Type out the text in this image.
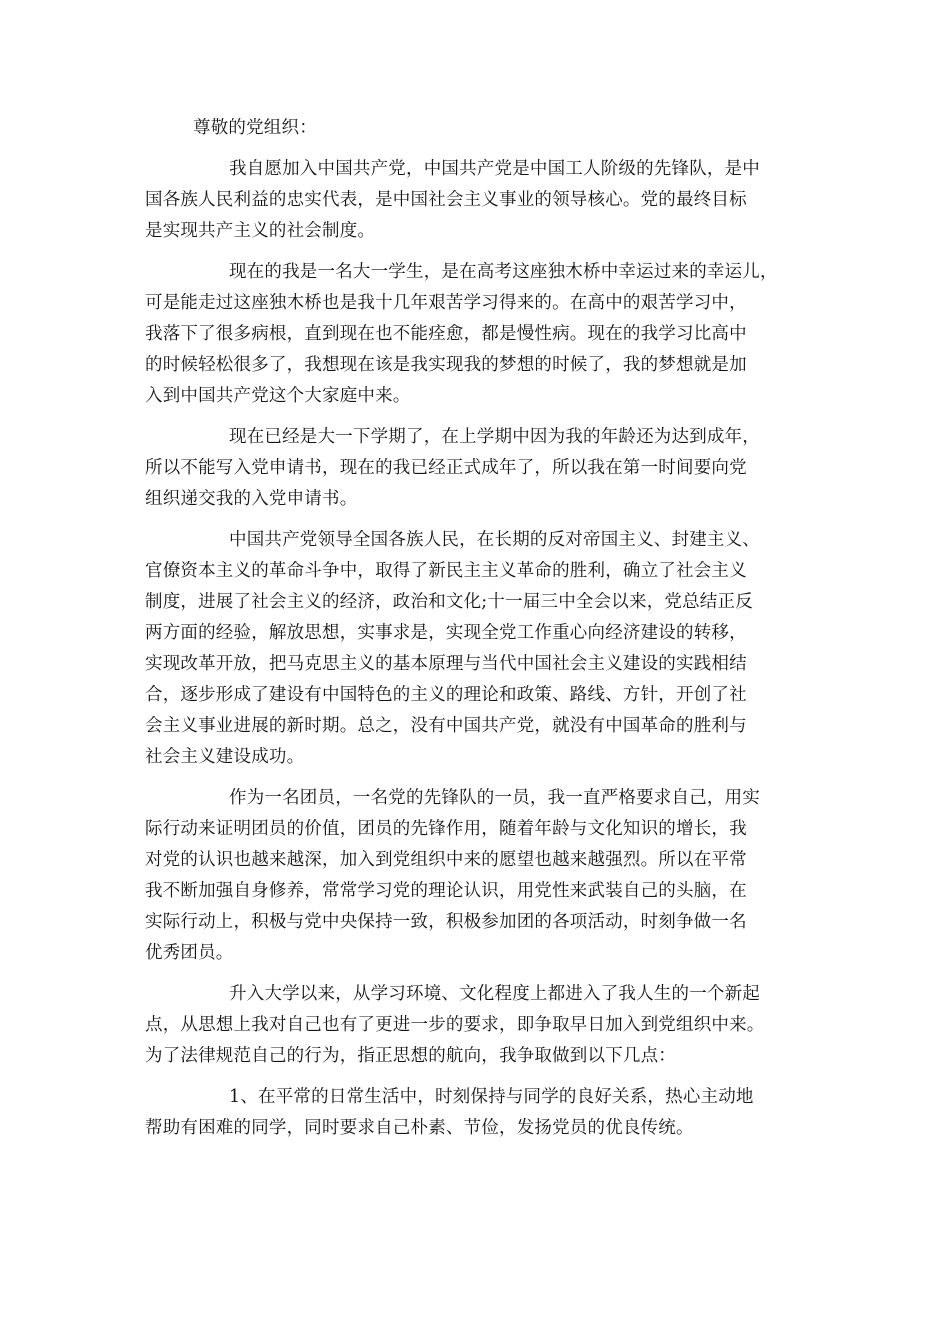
尊敬的党组织：
我自愿加入中国共产党，中国共产党是中国工人阶级的先锋队，是中
国各族人民利益的忠实代表，是中国社会主义事业的领导核心。党的最终目标
是实现共产主义的社会制度。
现在的我是一名大一学生，是在高考这座独木桥中幸运过来的幸运儿，
可是能走过这座独木桥也是我十几年艰苦学习得来的。在高中的艰苦学习中，
我落下了很多病根，直到现在也不能痊愈，都是慢性病。现在的我学习比高中
的时候轻松很多了，我想现在该是我实现我的梦想的时候了，我的梦想就是加
入到中国共产党这个大家庭中来。
现在已经是大一下学期了，在上学期中因为我的年龄还为达到成年，
所以不能写入党申请书，现在的我已经正式成年了，所以我在第一时间要向党
组织递交我的入党申请书。
中国共产党领导全国各族人民，在长期的反对帝国主义、封建主义、
官僚资本主义的革命斗争中，取得了新民主主义革命的胜利，确立了社会主义
制度，进展了社会主义的经济，政治和文化;十一届三中全会以来，党总结正反
两方面的经验，解放思想，实事求是，实现全党工作重心向经济建设的转移，
实现改革开放，把马克思主义的基本原理与当代中国社会主义建设的实践相结
合，逐步形成了建设有中国特色的主义的理论和政策、路线、方针，开创了社
会主义事业进展的新时期。总之，没有中国共产党，就没有中国革命的胜利与
社会主义建设成功。
作为一名团员，一名党的先锋队的一员，我一直严格要求自己，用实
际行动来证明团员的价值，团员的先锋作用，随着年龄与文化知识的增长，我
对党的认识也越来越深，加入到党组织中来的愿望也越来越强烈。所以在平常
我不断加强自身修养，常常学习党的理论认识，用党性来武装自己的头脑，在
实际行动上，积极与党中央保持一致，积极参加团的各项活动，时刻争做一名
优秀团员。
升入大学以来，从学习环境、文化程度上都进入了我人生的一个新起
点，从思想上我对自己也有了更进一步的要求，即争取早日加入到党组织中来。
为了法律规范自己的行为，指正思想的航向，我争取做到以下几点：
1、在平常的日常生活中，时刻保持与同学的良好关系，热心主动地
帮助有困难的同学，同时要求自己朴素、节俭，发扬党员的优良传统。
